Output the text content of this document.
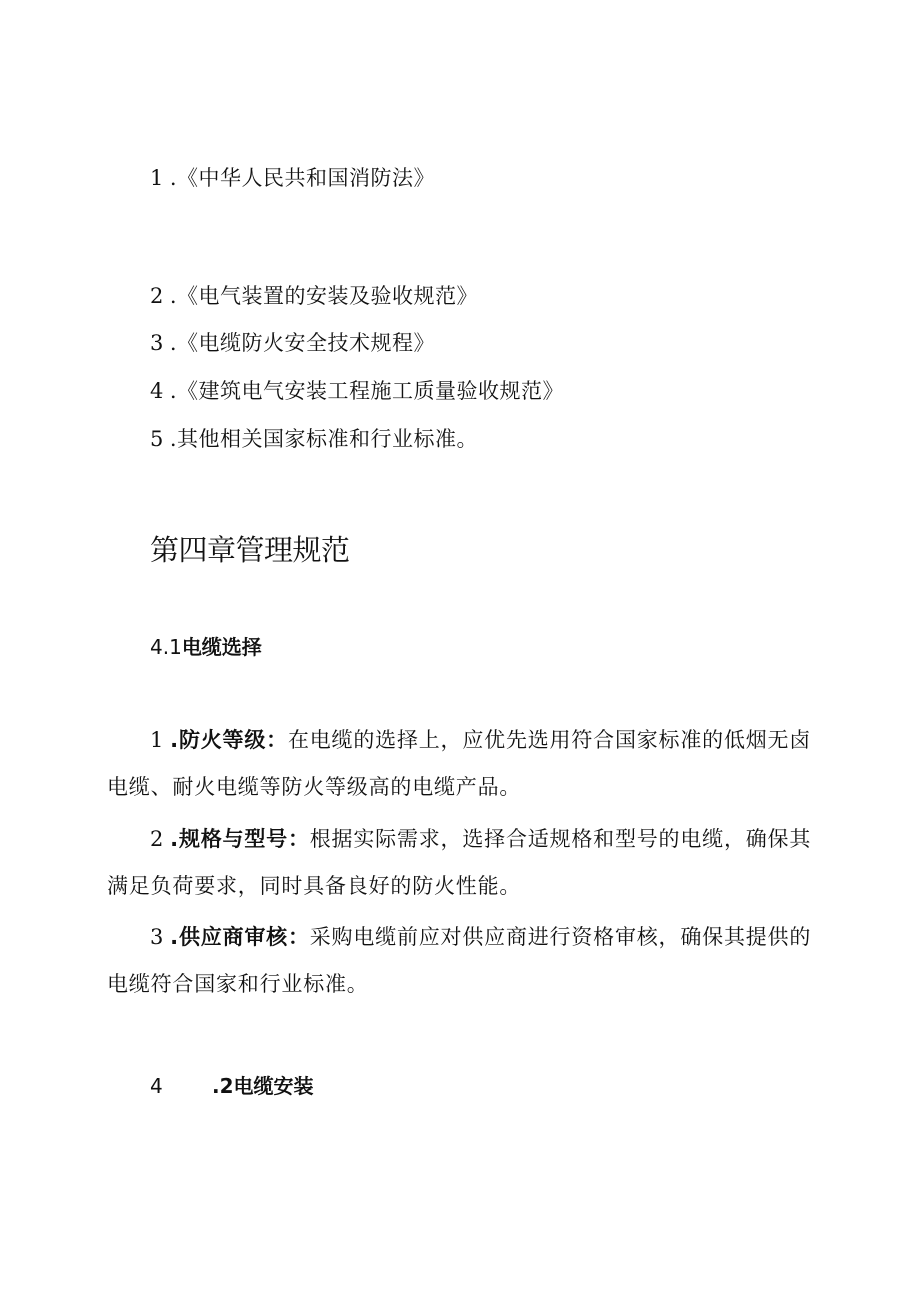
1 .《中华人民共和国消防法》
2 .《电气装置的安装及验收规范》
3 .《电缆防火安全技术规程》
4 .《建筑电气安装工程施工质量验收规范》
5 .其他相关国家标准和行业标准。
第四章管理规范
4.1电缆选择
1 .防火等级：在电缆的选择上，应优先选用符合国家标准的低烟无卤电缆、耐火电缆等防火等级高的电缆产品。
2 .规格与型号：根据实际需求，选择合适规格和型号的电缆，确保其满足负荷要求，同时具备良好的防火性能。
3 .供应商审核：采购电缆前应对供应商进行资格审核，确保其提供的电缆符合国家和行业标准。
4 .2电缆安装
